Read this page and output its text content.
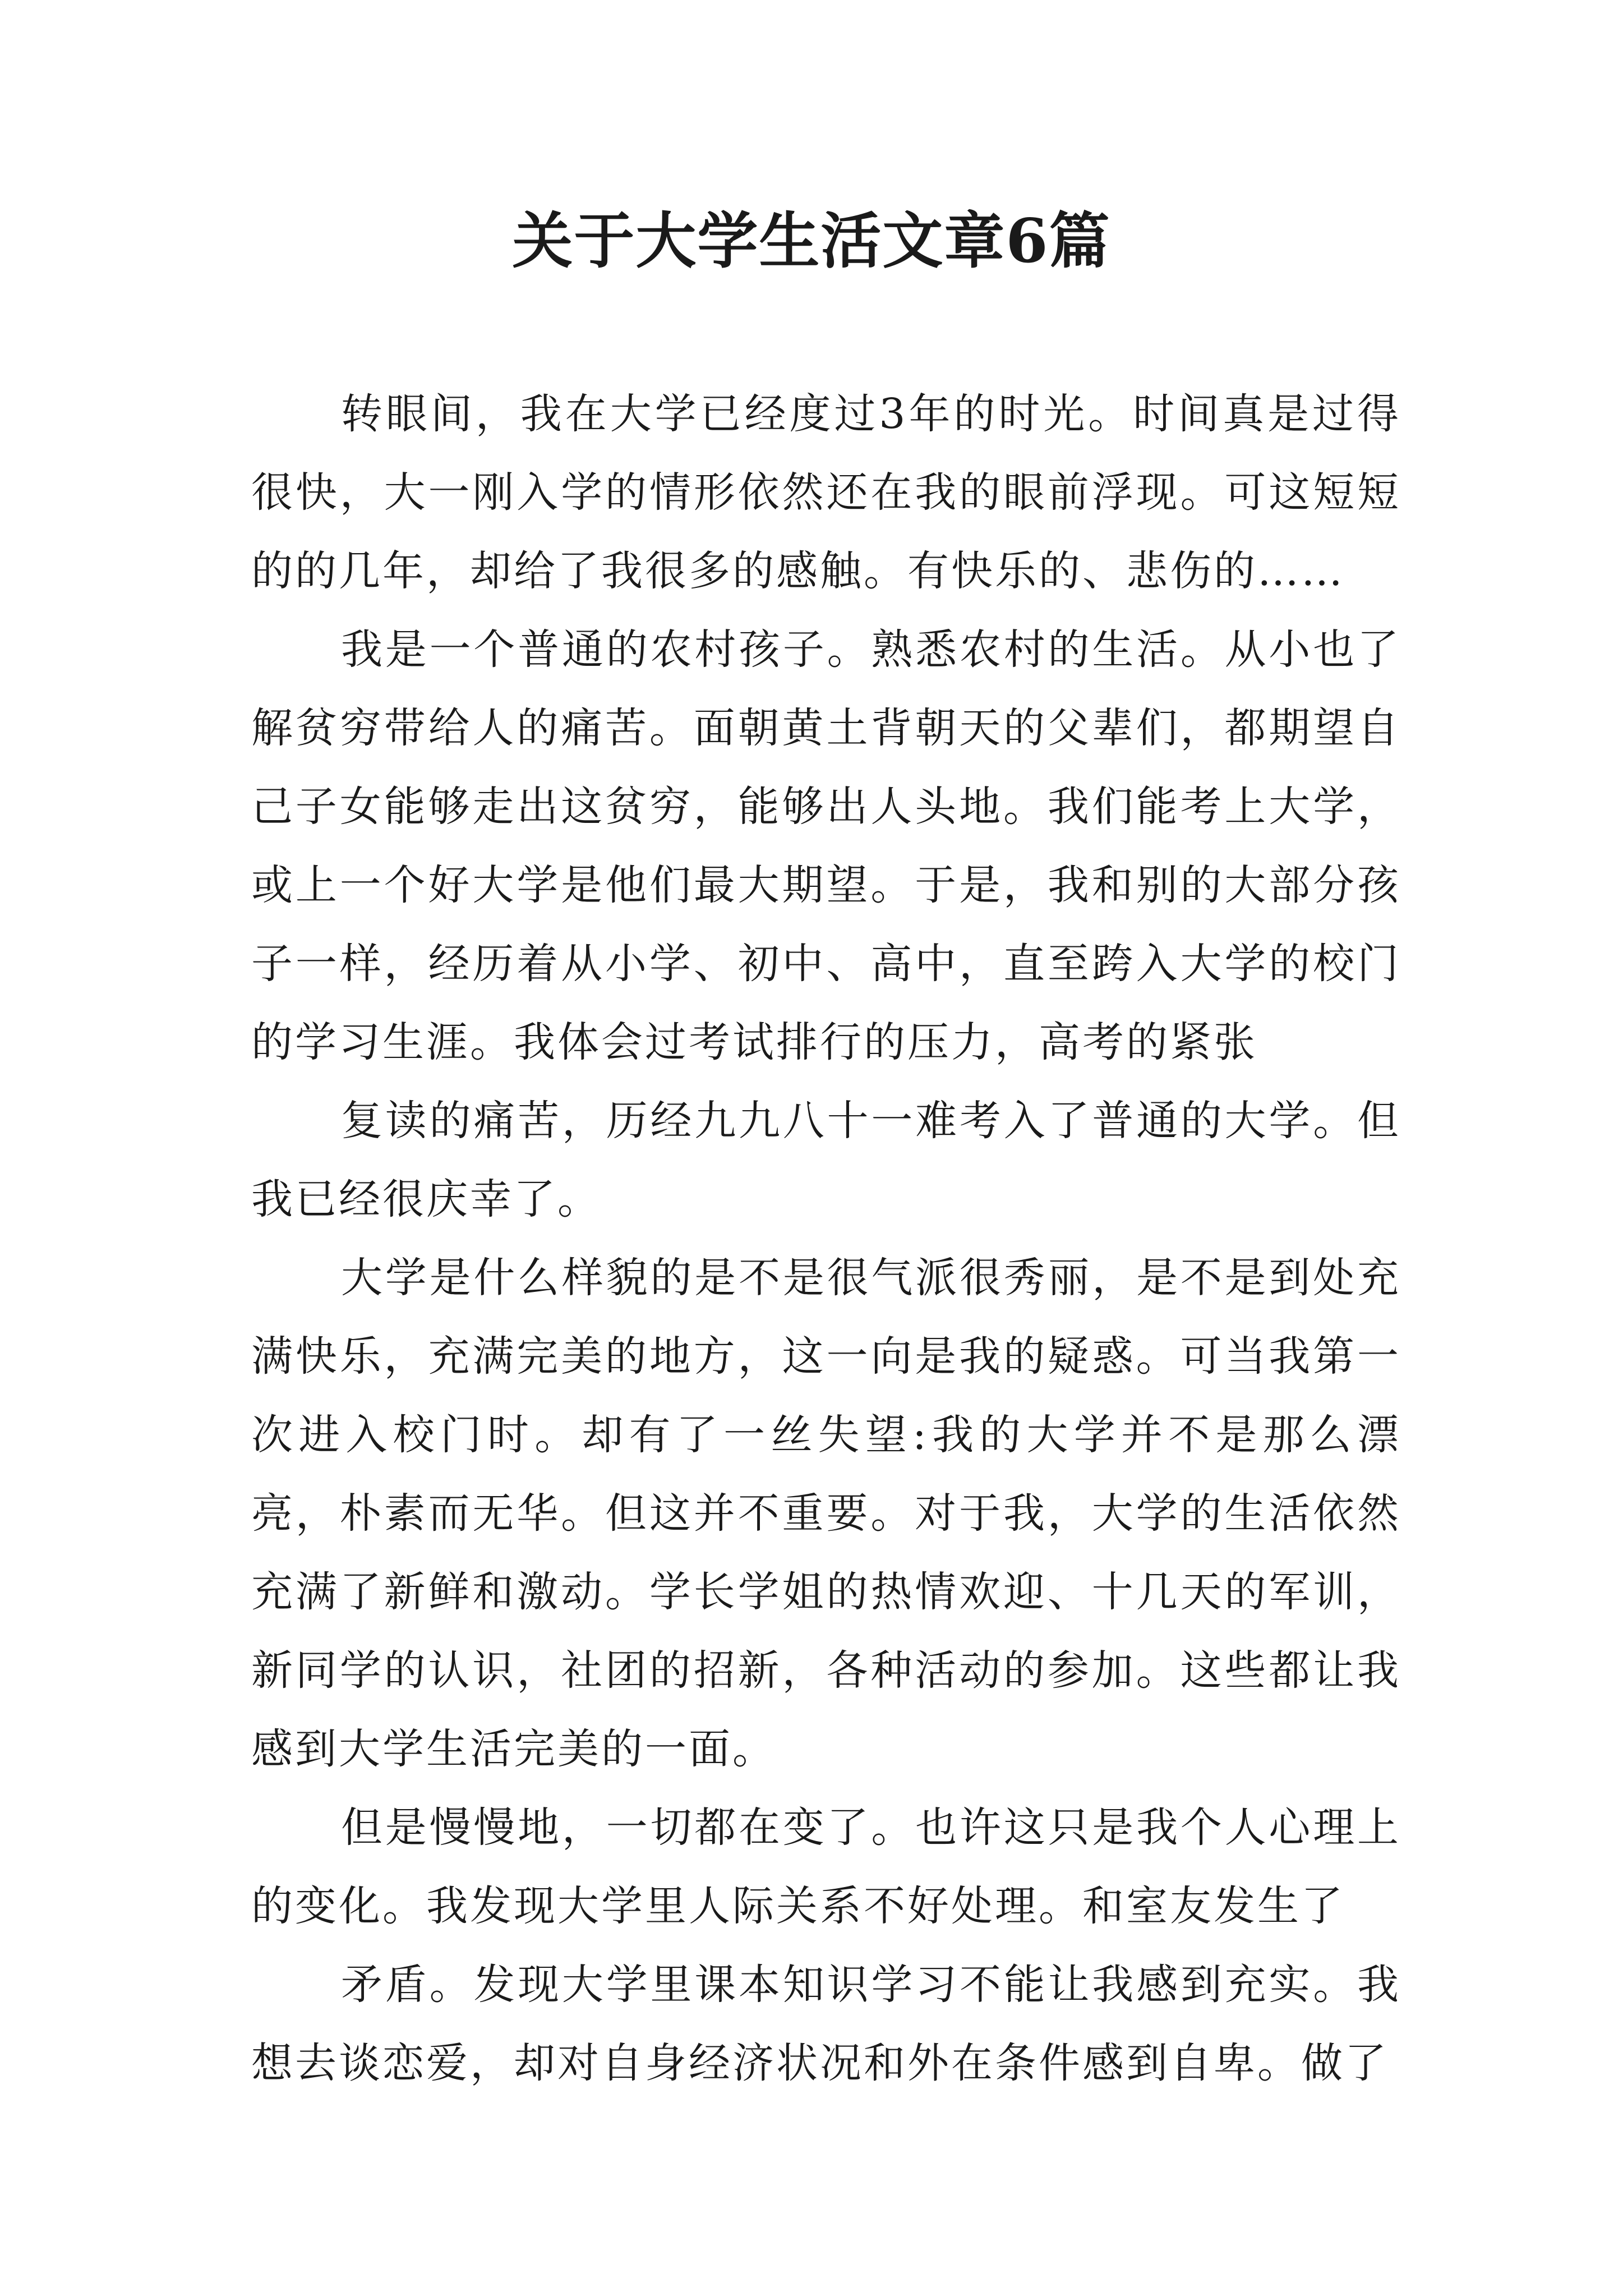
关于大学生活文章6篇

转眼间，我在大学已经度过3年的时光。时间真是过得很快，大一刚入学的情形依然还在我的眼前浮现。可这短短的的几年，却给了我很多的感触。有快乐的、悲伤的……

我是一个普通的农村孩子。熟悉农村的生活。从小也了解贫穷带给人的痛苦。面朝黄土背朝天的父辈们，都期望自己子女能够走出这贫穷，能够出人头地。我们能考上大学，或上一个好大学是他们最大期望。于是，我和别的大部分孩子一样，经历着从小学、初中、高中，直至跨入大学的校门的学习生涯。我体会过考试排行的压力，高考的紧张

复读的痛苦，历经九九八十一难考入了普通的大学。但我已经很庆幸了。

大学是什么样貌的是不是很气派很秀丽，是不是到处充满快乐，充满完美的地方，这一向是我的疑惑。可当我第一次进入校门时。却有了一丝失望:我的大学并不是那么漂亮，朴素而无华。但这并不重要。对于我，大学的生活依然充满了新鲜和激动。学长学姐的热情欢迎、十几天的军训，新同学的认识，社团的招新，各种活动的参加。这些都让我感到大学生活完美的一面。

但是慢慢地，一切都在变了。也许这只是我个人心理上的变化。我发现大学里人际关系不好处理。和室友发生了

矛盾。发现大学里课本知识学习不能让我感到充实。我想去谈恋爱，却对自身经济状况和外在条件感到自卑。做了
